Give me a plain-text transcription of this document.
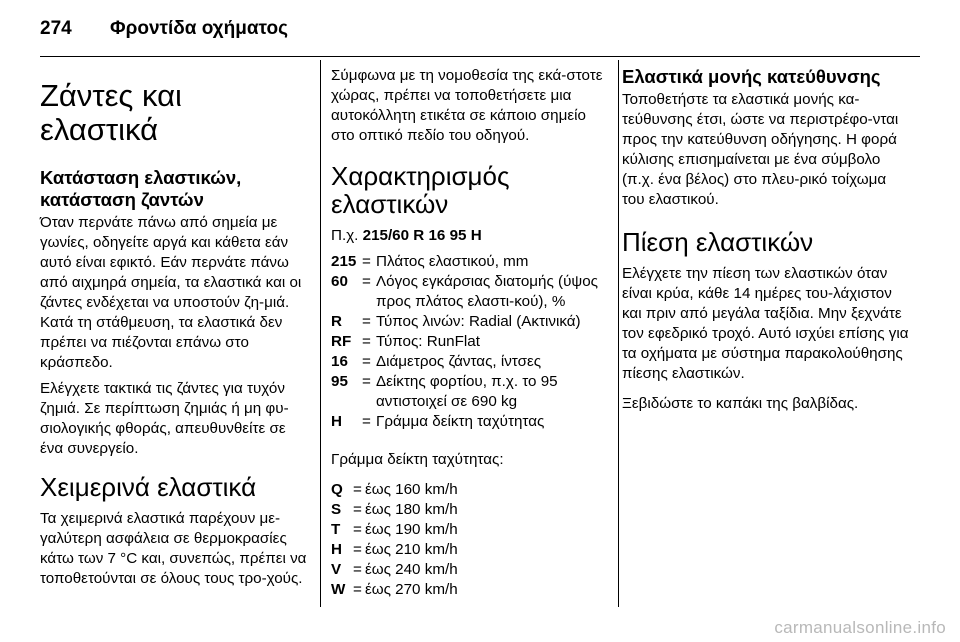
274 Φροντίδα οχήματος
Ζάντες και ελαστικά
Κατάσταση ελαστικών, κατάσταση ζαντών

Όταν περνάτε πάνω από σημεία με γωνίες, οδηγείτε αργά και κάθετα εάν αυτό είναι εφικτό. Εάν περνάτε πάνω από αιχμηρά σημεία, τα ελαστικά και οι ζάντες ενδέχεται να υποστούν ζη-μιά. Κατά τη στάθμευση, τα ελαστικά δεν πρέπει να πιέζονται επάνω στο κράσπεδο.

Ελέγχετε τακτικά τις ζάντες για τυχόν ζημιά. Σε περίπτωση ζημιάς ή μη φυ-σιολογικής φθοράς, απευθυνθείτε σε ένα συνεργείο.

Χειμερινά ελαστικά

Τα χειμερινά ελαστικά παρέχουν με-γαλύτερη ασφάλεια σε θερμοκρασίες κάτω των 7 °C και, συνεπώς, πρέπει να τοποθετούνται σε όλους τους τρο-χούς.

Σύμφωνα με τη νομοθεσία της εκά-στοτε χώρας, πρέπει να τοποθετήσετε μια αυτοκόλλητη ετικέτα σε κάποιο σημείο στο οπτικό πεδίο του οδηγού.

Χαρακτηρισμός ελαστικών

Π.χ. 215/60 R 16 95 H

215 = Πλάτος ελαστικού, mm
60 = Λόγος εγκάρσιας διατομής (ύψος προς πλάτος ελαστι-κού), %
R	= Τύπος λινών: Radial (Ακτινικά)
RF = Τύπος: RunFlat
16 = Διάμετρος ζάντας, ίντσες
95 = Δείκτης φορτίου, π.χ. το 95 αντιστοιχεί σε 690 kg
H	= Γράμμα δείκτη ταχύτητας

Γράμμα δείκτη ταχύτητας:

Q = έως 160 km/h
S = έως 180 km/h
T = έως 190 km/h
H = έως 210 km/h
V = έως 240 km/h
W = έως 270 km/h
Ελαστικά μονής κατεύθυνσης

Τοποθετήστε τα ελαστικά μονής κα-τεύθυνσης έτσι, ώστε να περιστρέφο-νται προς την κατεύθυνση οδήγησης. Η φορά κύλισης επισημαίνεται με ένα σύμβολο (π.χ. ένα βέλος) στο πλευ-ρικό τοίχωμα του ελαστικού.

Πίεση ελαστικών

Ελέγχετε την πίεση των ελαστικών όταν είναι κρύα, κάθε 14 ημέρες του-λάχιστον και πριν από μεγάλα ταξίδια. Μην ξεχνάτε τον εφεδρικό τροχό. Αυτό ισχύει επίσης για τα οχήματα με σύστημα παρακολούθησης πίεσης ελαστικών.

Ξεβιδώστε το καπάκι της βαλβίδας.

carmanualsonline.info
